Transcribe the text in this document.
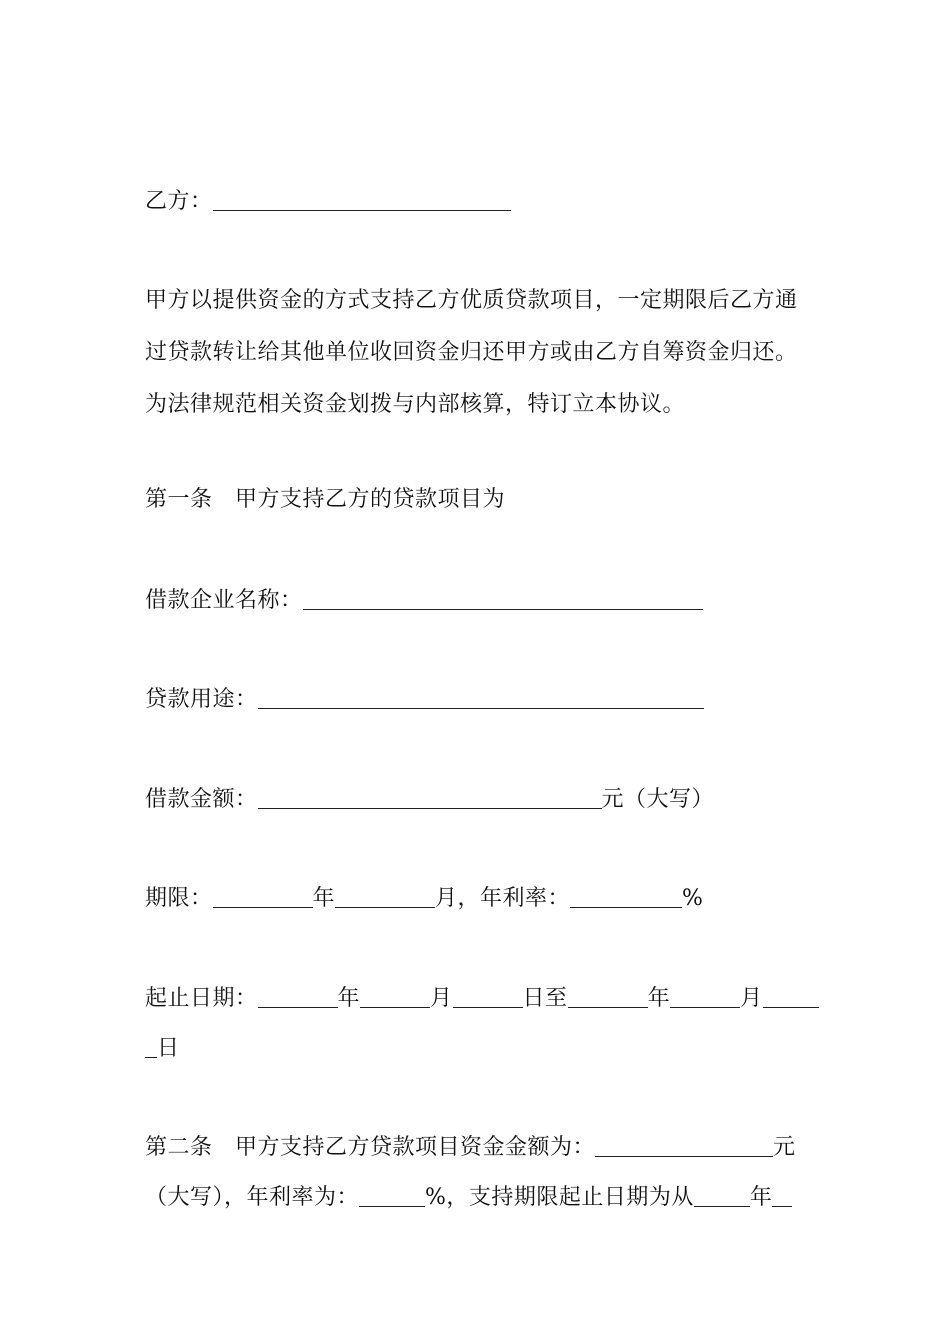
乙方：
甲方以提供资金的方式支持乙方优质贷款项目，一定期限后乙方通
过贷款转让给其他单位收回资金归还甲方或由乙方自筹资金归还。
为法律规范相关资金划拨与内部核算，特订立本协议。
第一条　甲方支持乙方的贷款项目为
借款企业名称：
贷款用途：
借款金额：	元（大写）
期限：	年	月，年利率：	%
起止日期：	年	月	日至	年	月
日
第二条　甲方支持乙方贷款项目资金金额为：	元
（大写），年利率为：	%，支持期限起止日期为从	年
